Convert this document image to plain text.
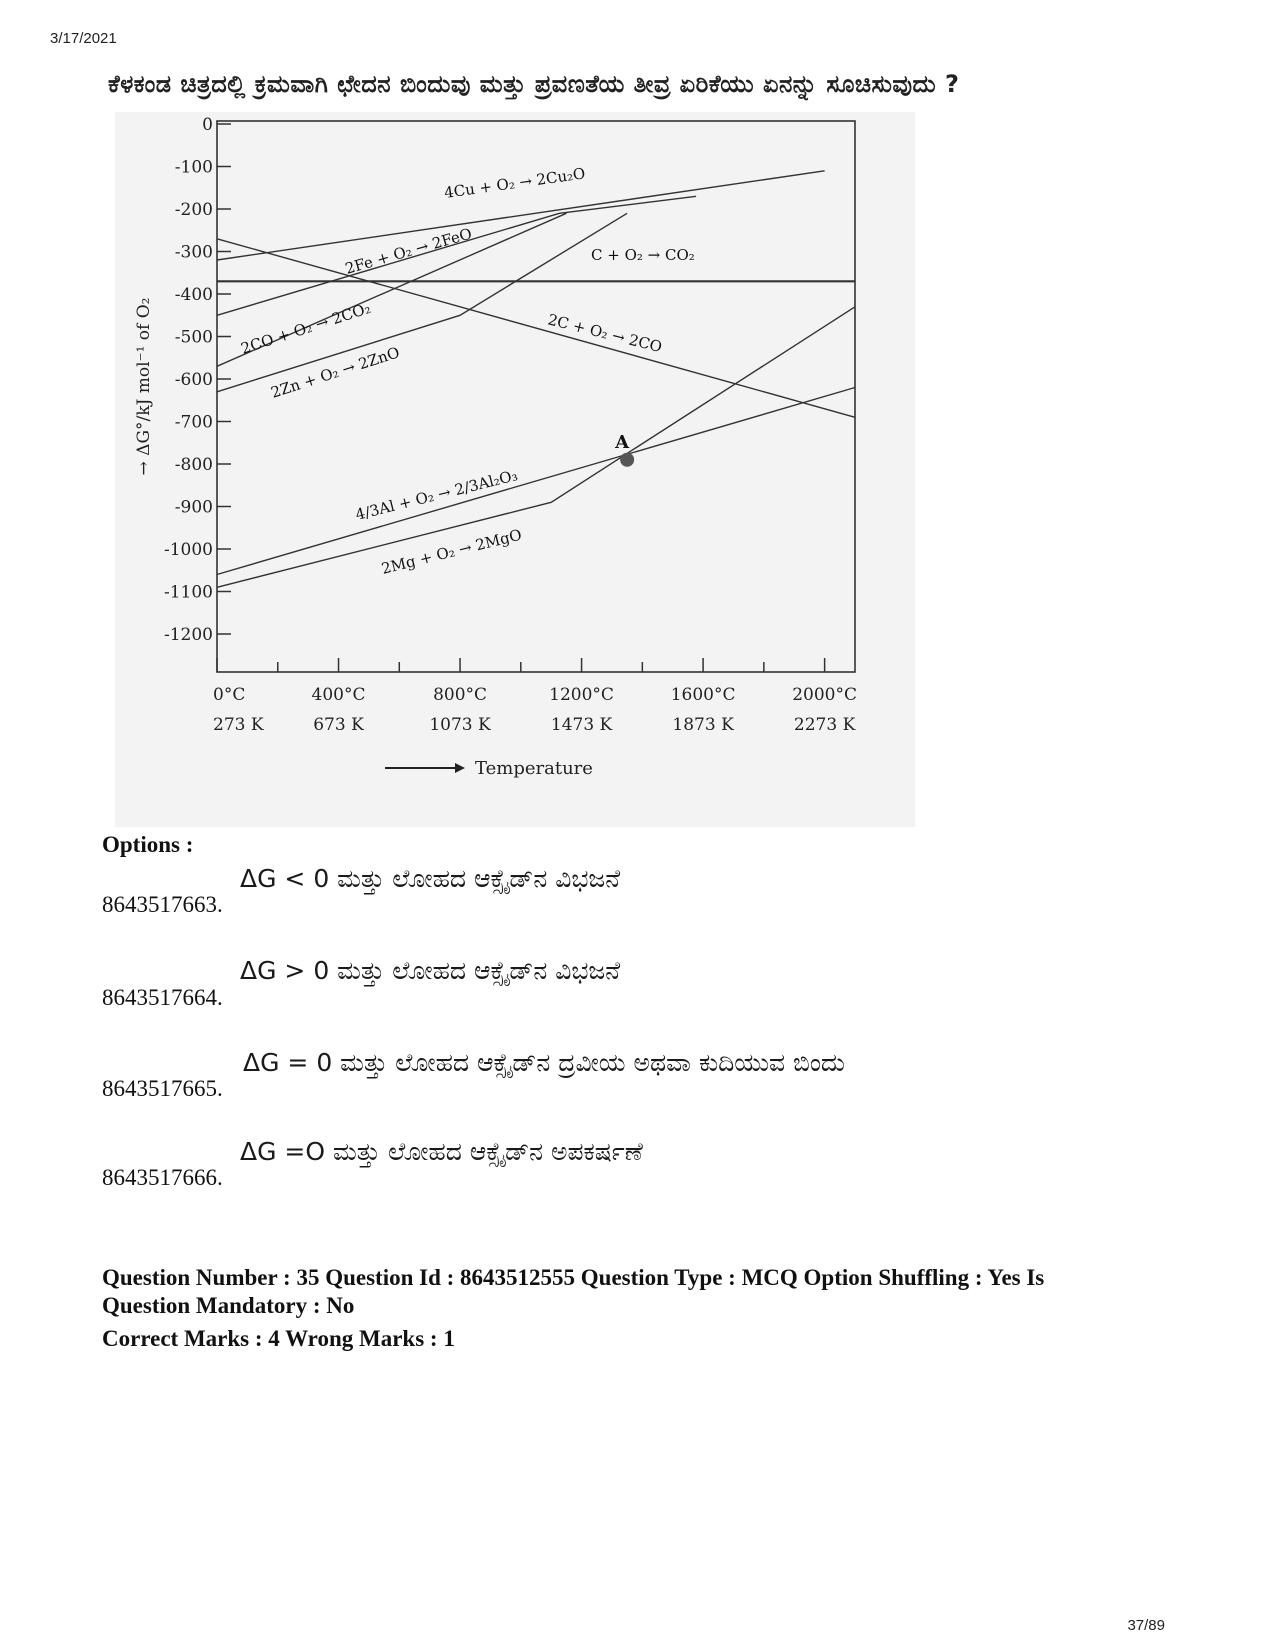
3/17/2021
ಕೆಳಕಂಡ ಚಿತ್ರದಲ್ಲಿ ಕ್ರಮವಾಗಿ ಛೇದನ ಬಿಂದುವು ಮತ್ತು ಪ್ರವಣತೆಯ ತೀವ್ರ ಏರಿಕೆಯು ಏನನ್ನು ಸೂಚಿಸುವುದು ?
→ ΔG°/kJ mol⁻¹ of O₂
0
-100
-200
-300
-400
-500
-600
-700
-800
-900
-1000
-1100
-1200
0°C
273 K
400°C
673 K
800°C
1073 K
1200°C
1473 K
1600°C
1873 K
2000°C
2273 K
4Cu + O₂ → 2Cu₂O
2Fe + O₂ → 2FeO	C + O₂ → CO₂
2C + O₂ → 2CO
2CO + O₂ → 2CO₂
2Zn + O₂ → 2ZnO
4/3Al + O₂ → 2/3Al₂O₃
2Mg + O₂ → 2MgO
A
Temperature
Options :
8643517663.
ΔG < 0 ಮತ್ತು ಲೋಹದ ಆಕ್ಸೈಡ್‌ನ ವಿಭಜನೆ
8643517664.
ΔG > 0 ಮತ್ತು ಲೋಹದ ಆಕ್ಸೈಡ್‌ನ ವಿಭಜನೆ
8643517665.
ΔG = 0 ಮತ್ತು ಲೋಹದ ಆಕ್ಸೈಡ್‌ನ ದ್ರವೀಯ ಅಥವಾ ಕುದಿಯುವ ಬಿಂದು
8643517666.
ΔG =O ಮತ್ತು ಲೋಹದ ಆಕ್ಸೈಡ್‌ನ ಅಪಕರ್ಷಣೆ
Question Number : 35 Question Id : 8643512555 Question Type : MCQ Option Shuffling : Yes Is
Question Mandatory : No
Correct Marks : 4 Wrong Marks : 1
37/89
